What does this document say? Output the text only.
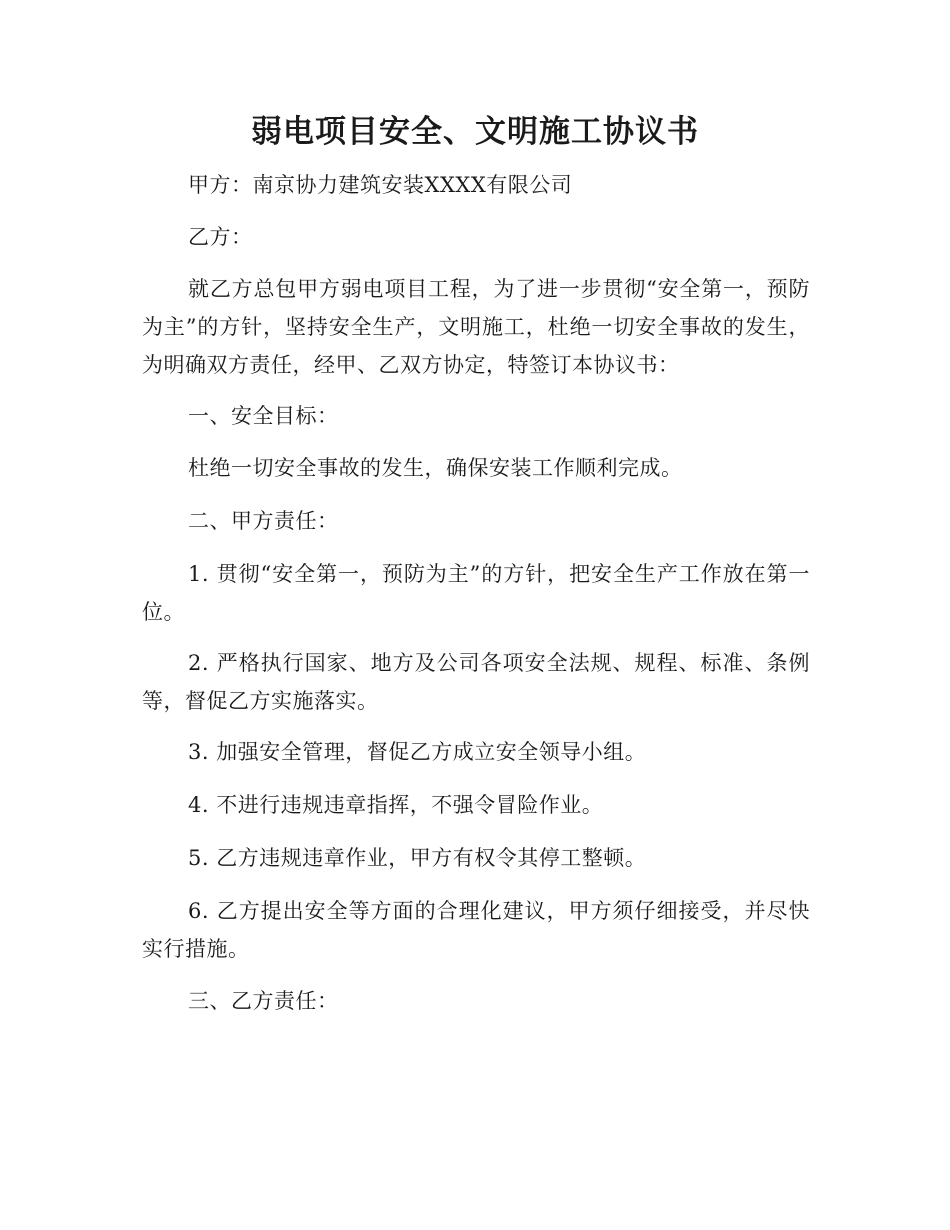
弱电项目安全、文明施工协议书

甲方：南京协力建筑安装XXXX有限公司

乙方：

就乙方总包甲方弱电项目工程，为了进一步贯彻“安全第一，预防为主”的方针，坚持安全生产，文明施工，杜绝一切安全事故的发生，为明确双方责任，经甲、乙双方协定，特签订本协议书：

一、安全目标：

杜绝一切安全事故的发生，确保安装工作顺利完成。

二、甲方责任：

1. 贯彻“安全第一，预防为主”的方针，把安全生产工作放在第一位。

2. 严格执行国家、地方及公司各项安全法规、规程、标准、条例等，督促乙方实施落实。

3. 加强安全管理，督促乙方成立安全领导小组。

4. 不进行违规违章指挥，不强令冒险作业。

5. 乙方违规违章作业，甲方有权令其停工整顿。

6. 乙方提出安全等方面的合理化建议，甲方须仔细接受，并尽快实行措施。

三、乙方责任：
